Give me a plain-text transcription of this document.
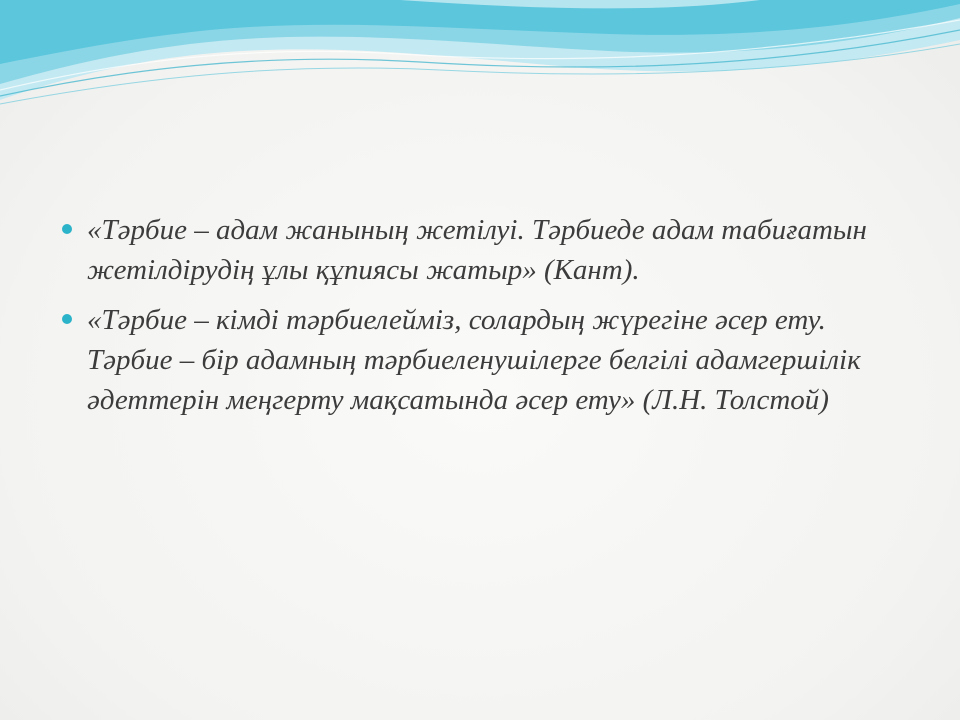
«Тәрбие – адам жанының жетілуі. Тәрбиеде адам табиғатын жетілдірудің ұлы құпиясы жатыр» (Кант).
«Тәрбие – кімді тәрбиелейміз, солардың жүрегіне әсер ету. Тәрбие – бір адамның тәрбиеленушілерге белгілі адамгершілік әдеттерін меңгерту мақсатында әсер ету» (Л.Н. Толстой)
